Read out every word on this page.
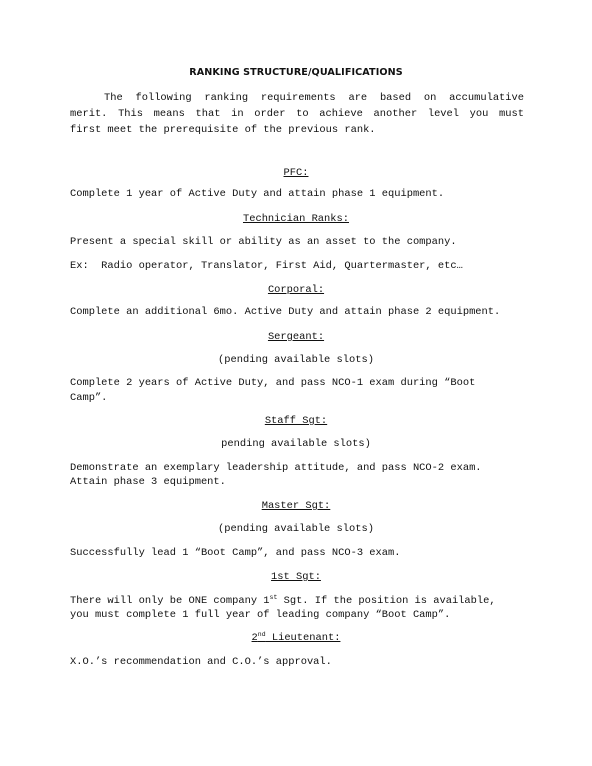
RANKING STRUCTURE/QUALIFICATIONS
The following ranking requirements are based on accumulative
merit. This means that in order to achieve another level you must
first meet the prerequisite of the previous rank.
PFC:
Complete 1 year of Active Duty and attain phase 1 equipment.
Technician Ranks:
Present a special skill or ability as an asset to the company.
Ex:  Radio operator, Translator, First Aid, Quartermaster, etc…
Corporal:
Complete an additional 6mo. Active Duty and attain phase 2 equipment.
Sergeant:
(pending available slots)
Complete 2 years of Active Duty, and pass NCO-1 exam during “Boot
Camp”.
Staff Sgt:
pending available slots)
Demonstrate an exemplary leadership attitude, and pass NCO-2 exam.
Attain phase 3 equipment.
Master Sgt:
(pending available slots)
Successfully lead 1 “Boot Camp”, and pass NCO-3 exam.
1st Sgt:
There will only be ONE company 1st Sgt. If the position is available,
you must complete 1 full year of leading company “Boot Camp”.
2nd Lieutenant:
X.O.’s recommendation and C.O.’s approval.
